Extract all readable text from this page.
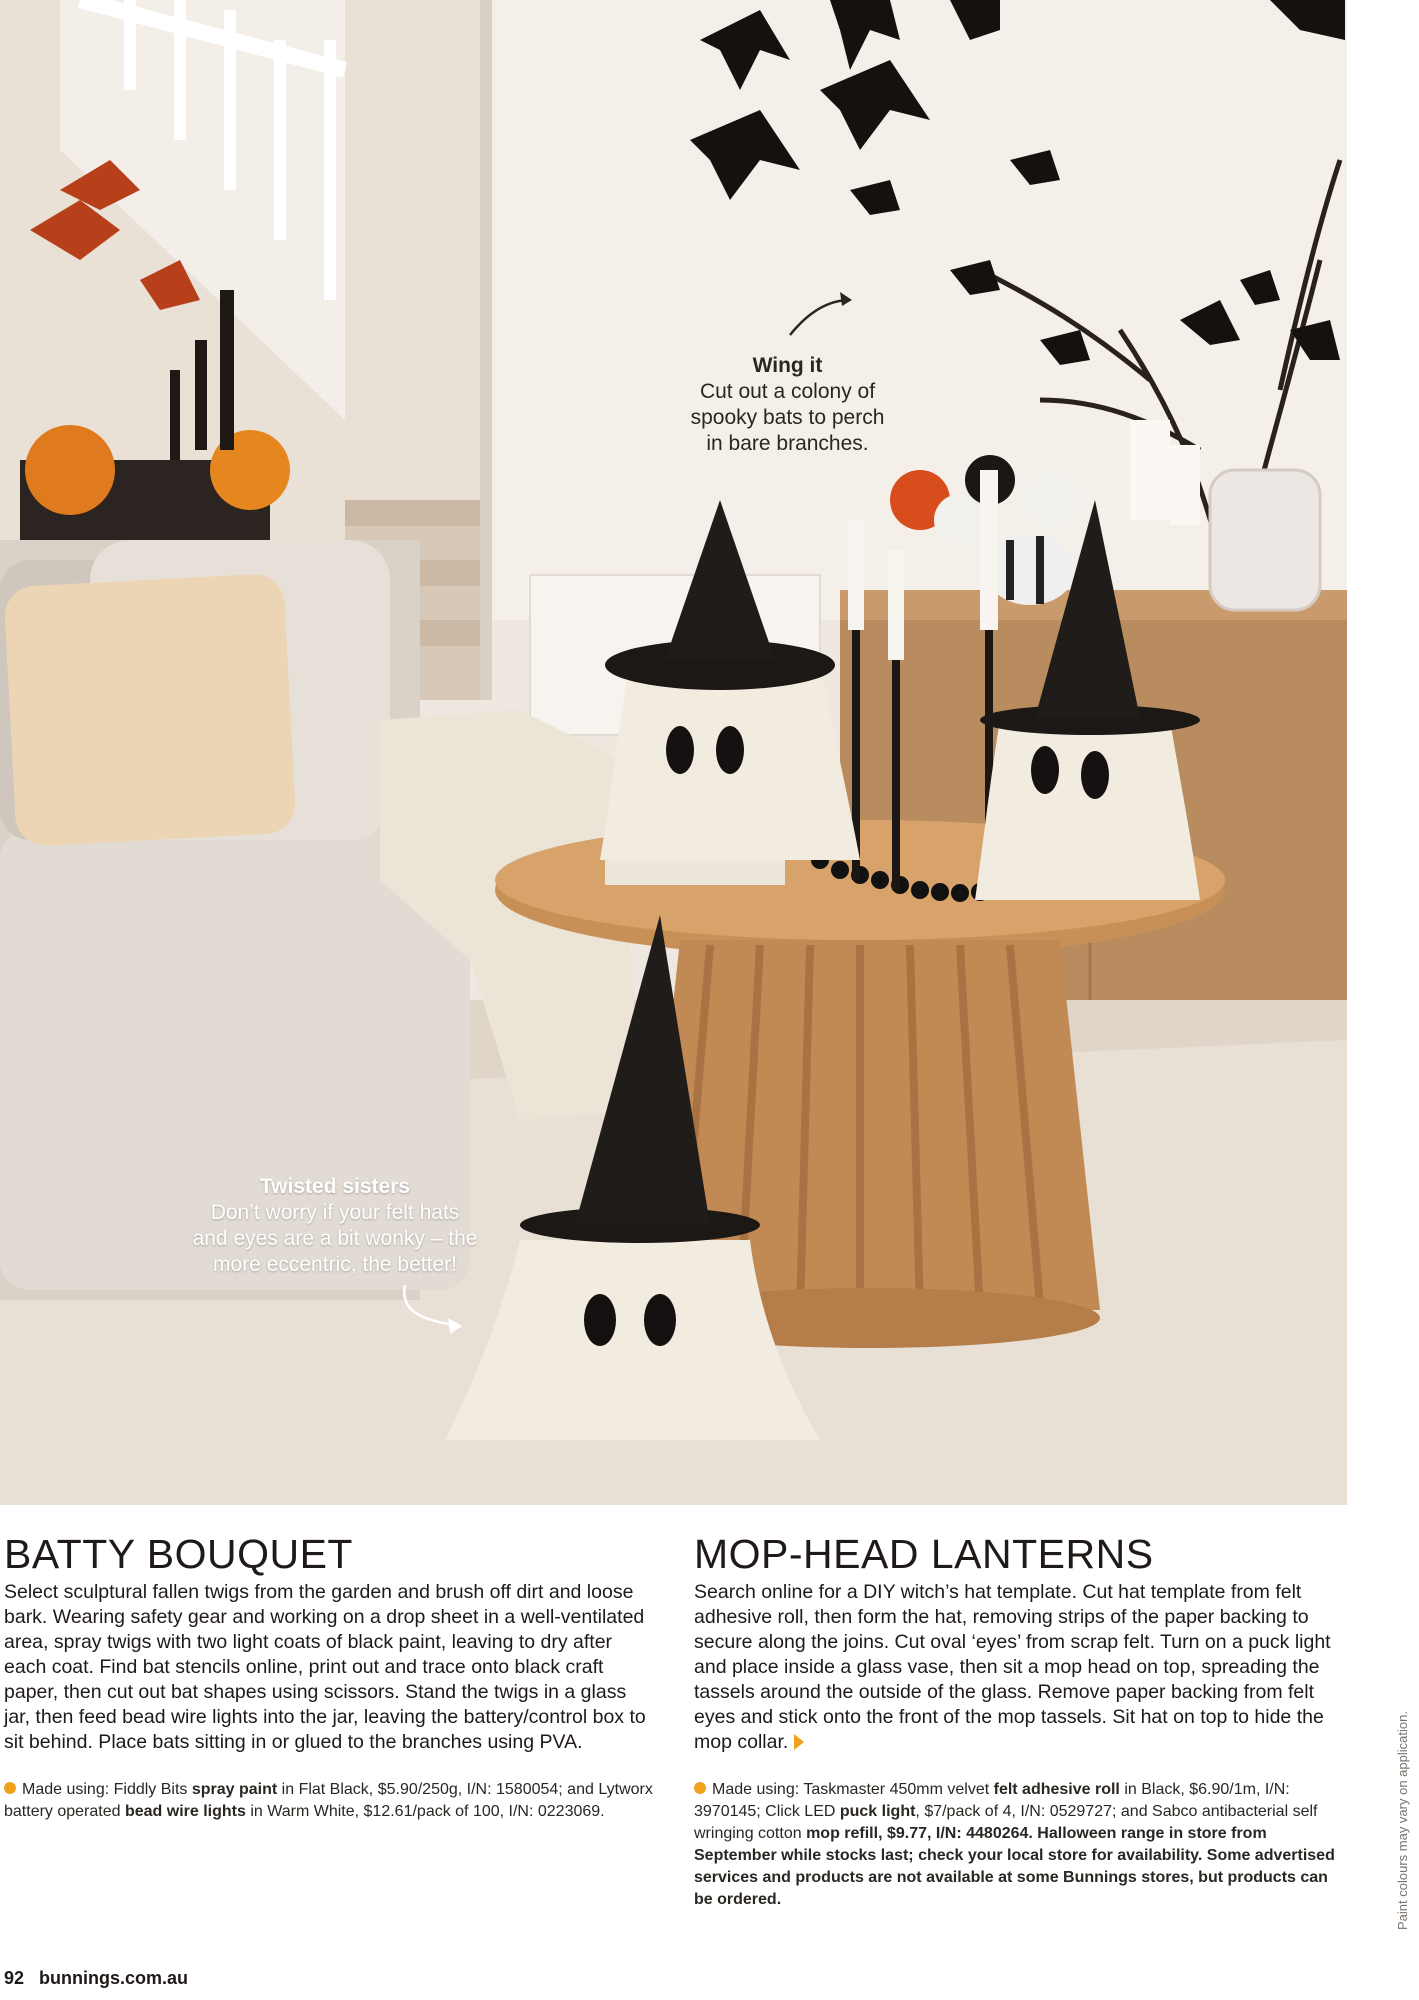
Wing it
Cut out a colony of
spooky bats to perch
in bare branches.
Twisted sisters
Don’t worry if your felt hats
and eyes are a bit wonky – the
more eccentric, the better!
BATTY BOUQUET

Select sculptural fallen twigs from the garden and brush off dirt and loose bark. Wearing safety gear and working on a drop sheet in a well-ventilated area, spray twigs with two light coats of black paint, leaving to dry after each coat. Find bat stencils online, print out and trace onto black craft paper, then cut out bat shapes using scissors. Stand the twigs in a glass jar, then feed bead wire lights into the jar, leaving the battery/control box to sit behind. Place bats sitting in or glued to the branches using PVA.

Made using: Fiddly Bits spray paint in Flat Black, $5.90/250g, I/N: 1580054; and Lytworx battery operated bead wire lights in Warm White, $12.61/pack of 100, I/N: 0223069.
MOP-HEAD LANTERNS

Search online for a DIY witch’s hat template. Cut hat template from felt adhesive roll, then form the hat, removing strips of the paper backing to secure along the joins. Cut oval ‘eyes’ from scrap felt. Turn on a puck light and place inside a glass vase, then sit a mop head on top, spreading the tassels around the outside of the glass. Remove paper backing from felt eyes and stick onto the front of the mop tassels. Sit hat on top to hide the mop collar.

Made using: Taskmaster 450mm velvet felt adhesive roll in Black, $6.90/1m, I/N: 3970145; Click LED puck light, $7/pack of 4, I/N: 0529727; and Sabco antibacterial self wringing cotton mop refill, $9.77, I/N: 4480264. Halloween range in store from September while stocks last; check your local store for availability. Some advertised services and products are not available at some Bunnings stores, but products can be ordered.
92 bunnings.com.au
Paint colours may vary on application.
